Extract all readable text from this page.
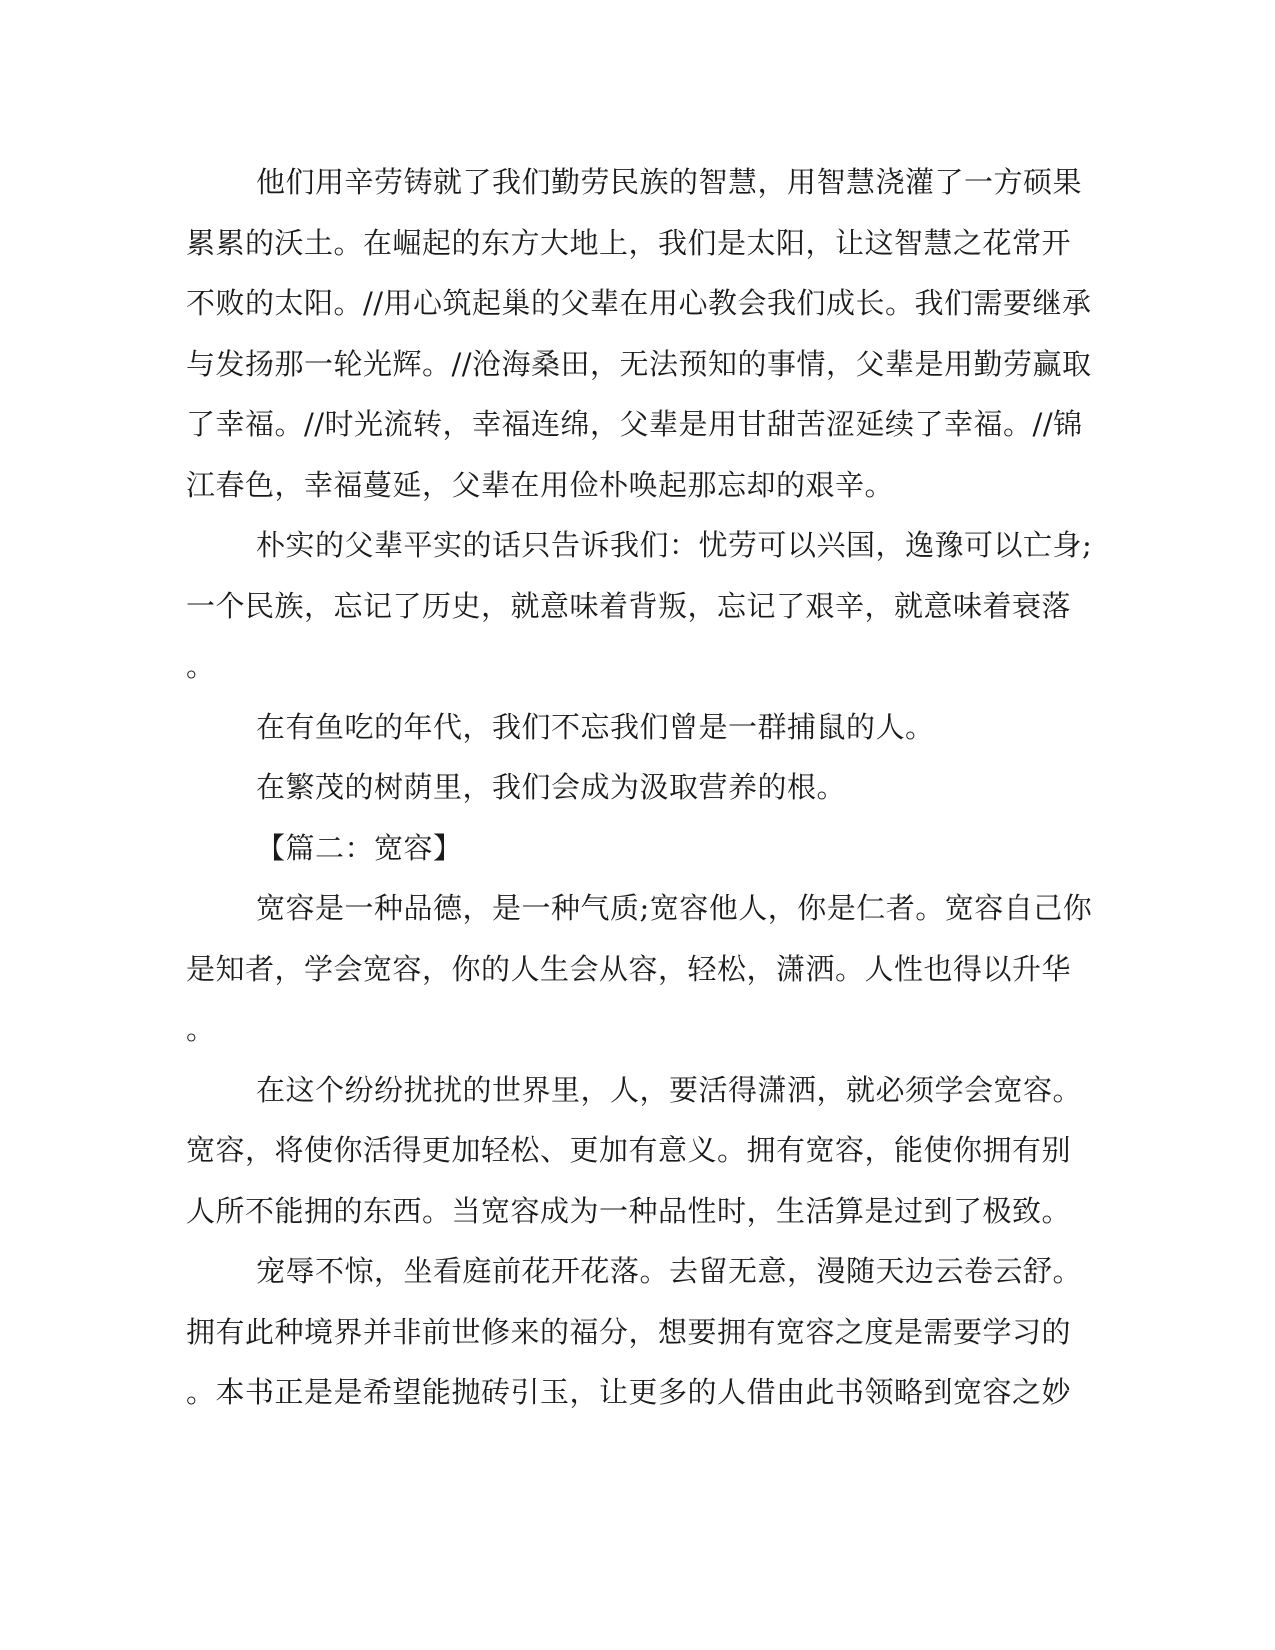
他们用辛劳铸就了我们勤劳民族的智慧，用智慧浇灌了一方硕果
累累的沃土。在崛起的东方大地上，我们是太阳，让这智慧之花常开
不败的太阳。//用心筑起巢的父辈在用心教会我们成长。我们需要继承
与发扬那一轮光辉。//沧海桑田，无法预知的事情，父辈是用勤劳赢取
了幸福。//时光流转，幸福连绵，父辈是用甘甜苦涩延续了幸福。//锦
江春色，幸福蔓延，父辈在用俭朴唤起那忘却的艰辛。
朴实的父辈平实的话只告诉我们：忧劳可以兴国，逸豫可以亡身;
一个民族，忘记了历史，就意味着背叛，忘记了艰辛，就意味着衰落
。
在有鱼吃的年代，我们不忘我们曾是一群捕鼠的人。
在繁茂的树荫里，我们会成为汲取营养的根。
【篇二：宽容】
宽容是一种品德，是一种气质;宽容他人，你是仁者。宽容自己你
是知者，学会宽容，你的人生会从容，轻松，潇洒。人性也得以升华
。
在这个纷纷扰扰的世界里，人，要活得潇洒，就必须学会宽容。
宽容，将使你活得更加轻松、更加有意义。拥有宽容，能使你拥有别
人所不能拥的东西。当宽容成为一种品性时，生活算是过到了极致。
宠辱不惊，坐看庭前花开花落。去留无意，漫随天边云卷云舒。
拥有此种境界并非前世修来的福分，想要拥有宽容之度是需要学习的
。本书正是是希望能抛砖引玉，让更多的人借由此书领略到宽容之妙
